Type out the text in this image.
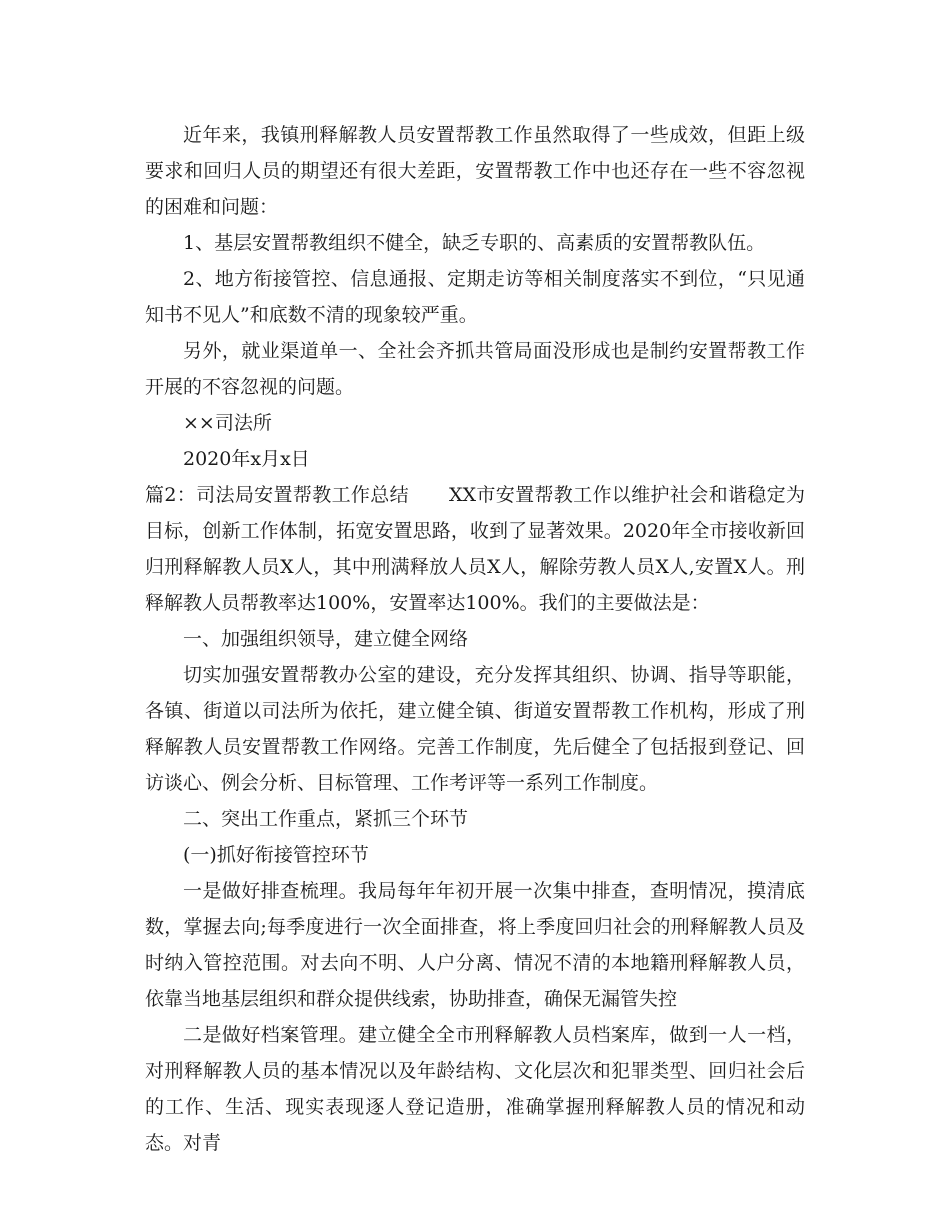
近年来，我镇刑释解教人员安置帮教工作虽然取得了一些成效，但距上级要求和回归人员的期望还有很大差距，安置帮教工作中也还存在一些不容忽视的困难和问题：

1、基层安置帮教组织不健全，缺乏专职的、高素质的安置帮教队伍。

2、地方衔接管控、信息通报、定期走访等相关制度落实不到位，“只见通知书不见人”和底数不清的现象较严重。

另外，就业渠道单一、全社会齐抓共管局面没形成也是制约安置帮教工作开展的不容忽视的问题。

××司法所

2020年x月x日

篇2：司法局安置帮教工作总结 XX市安置帮教工作以维护社会和谐稳定为目标，创新工作体制，拓宽安置思路，收到了显著效果。2020年全市接收新回归刑释解教人员X人，其中刑满释放人员X人，解除劳教人员X人,安置X人。刑释解教人员帮教率达100%，安置率达100%。我们的主要做法是：

一、加强组织领导，建立健全网络

切实加强安置帮教办公室的建设，充分发挥其组织、协调、指导等职能，各镇、街道以司法所为依托，建立健全镇、街道安置帮教工作机构，形成了刑释解教人员安置帮教工作网络。完善工作制度，先后健全了包括报到登记、回访谈心、例会分析、目标管理、工作考评等一系列工作制度。

二、突出工作重点，紧抓三个环节

(一)抓好衔接管控环节

一是做好排查梳理。我局每年年初开展一次集中排查，查明情况，摸清底数，掌握去向;每季度进行一次全面排查，将上季度回归社会的刑释解教人员及时纳入管控范围。对去向不明、人户分离、情况不清的本地籍刑释解教人员，依靠当地基层组织和群众提供线索，协助排查，确保无漏管失控

二是做好档案管理。建立健全全市刑释解教人员档案库，做到一人一档，对刑释解教人员的基本情况以及年龄结构、文化层次和犯罪类型、回归社会后的工作、生活、现实表现逐人登记造册，准确掌握刑释解教人员的情况和动态。对青
